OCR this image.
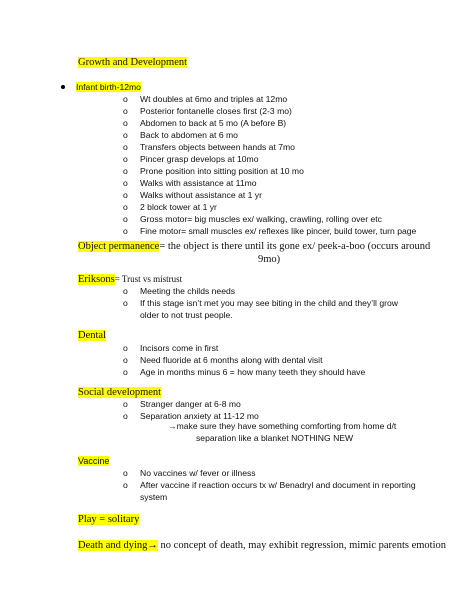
Growth and Development
Infant birth-12mo
o Wt doubles at 6mo and triples at 12mo
o Posterior fontanelle closes first (2-3 mo)
o Abdomen to back at 5 mo (A before B)
o Back to abdomen at 6 mo
o Transfers objects between hands at 7mo
o Pincer grasp develops at 10mo
o Prone position into sitting position at 10 mo
o Walks with assistance at 11mo
o Walks without assistance at 1 yr
o 2 block tower at 1 yr
o Gross motor= big muscles ex/ walking, crawling, rolling over etc
o Fine motor= small muscles ex/ reflexes like pincer, build tower, turn page
Object permanence= the object is there until its gone ex/ peek-a-boo (occurs around
9mo)
Eriksons= Trust vs mistrust
o Meeting the childs needs
o If this stage isn’t met you may see biting in the child and they’ll grow
older to not trust people.
Dental
o Incisors come in first
o Need fluoride at 6 months along with dental visit
o Age in months minus 6 = how many teeth they should have
Social development
o Stranger danger at 6-8 mo
o Separation anxiety at 11-12 mo
→make sure they have something comforting from home d/t
separation like a blanket NOTHING NEW
Vaccine
o No vaccines w/ fever or illness
o After vaccine if reaction occurs tx w/ Benadryl and document in reporting
system
Play = solitary
Death and dying→ no concept of death, may exhibit regression, mimic parents emotion
